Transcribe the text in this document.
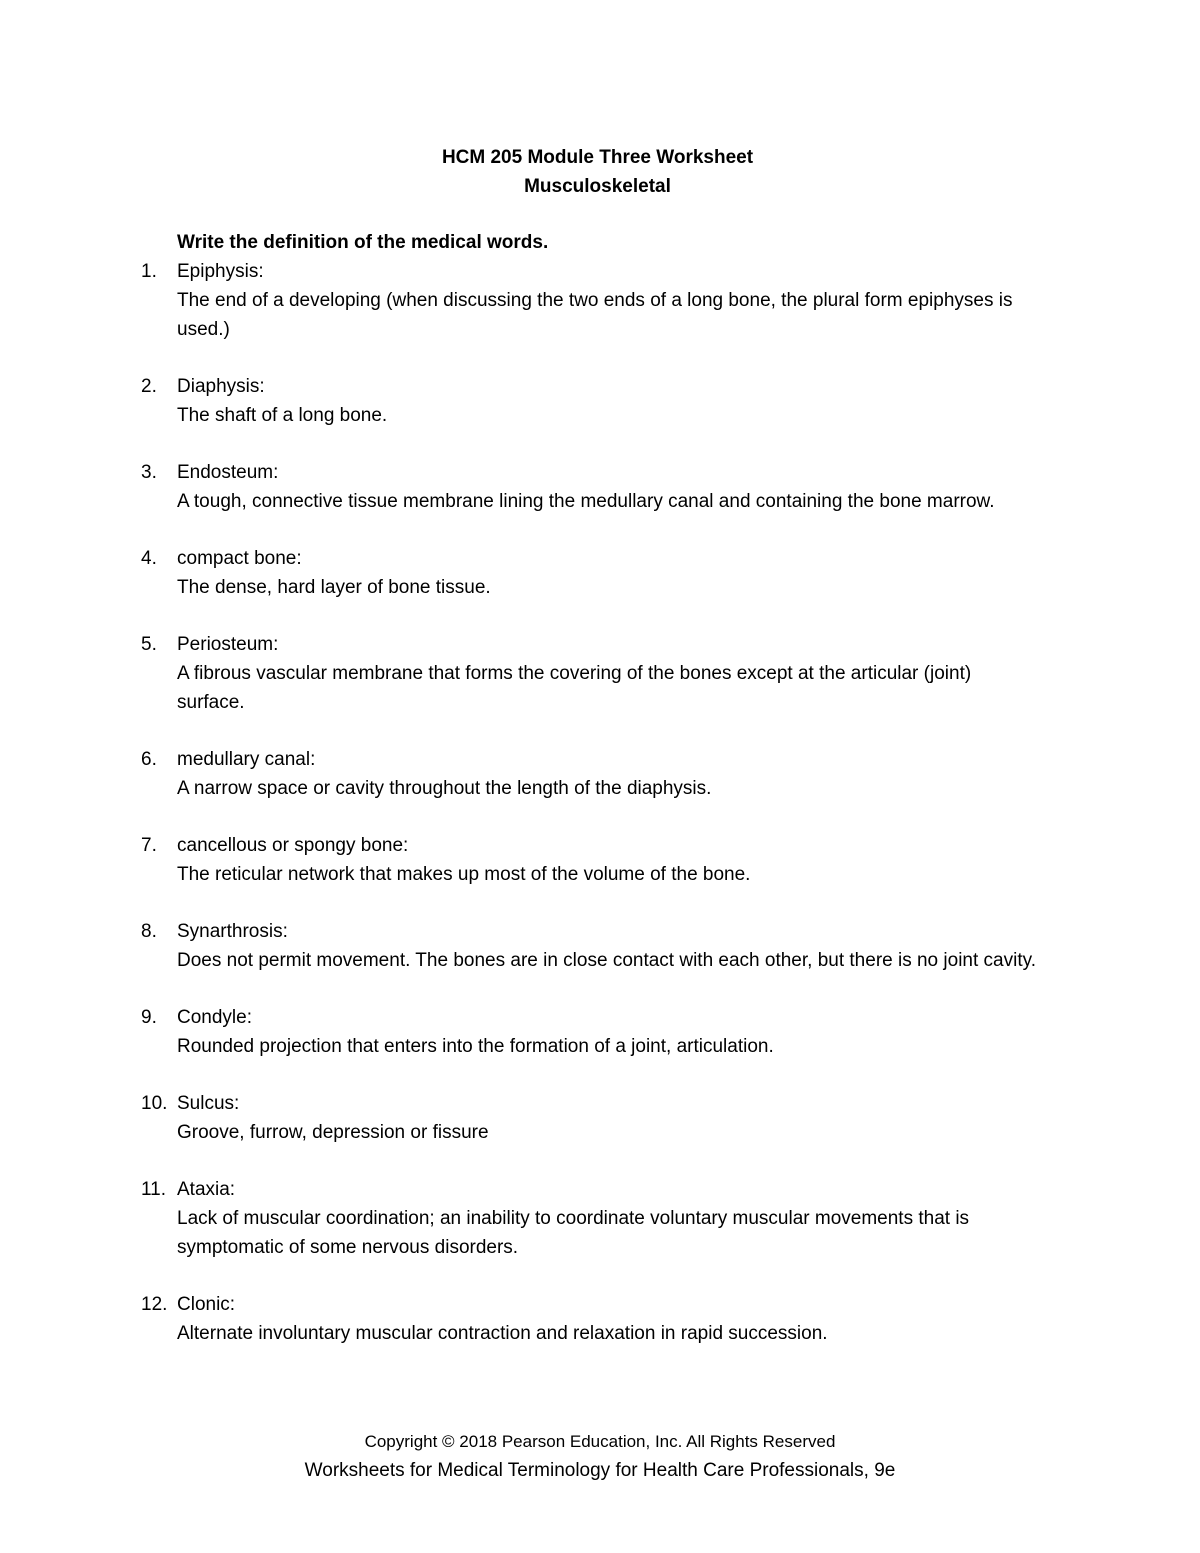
HCM 205 Module Three Worksheet
Musculoskeletal
Write the definition of the medical words.
1. Epiphysis:
The end of a developing (when discussing the two ends of a long bone, the plural form epiphyses is used.)
2. Diaphysis:
The shaft of a long bone.
3. Endosteum:
A tough, connective tissue membrane lining the medullary canal and containing the bone marrow.
4. compact bone:
The dense, hard layer of bone tissue.
5. Periosteum:
A fibrous vascular membrane that forms the covering of the bones except at the articular (joint) surface.
6. medullary canal:
A narrow space or cavity throughout the length of the diaphysis.
7. cancellous or spongy bone:
The reticular network that makes up most of the volume of the bone.
8. Synarthrosis:
Does not permit movement. The bones are in close contact with each other, but there is no joint cavity.
9. Condyle:
Rounded projection that enters into the formation of a joint, articulation.
10. Sulcus:
Groove, furrow, depression or fissure
11. Ataxia:
Lack of muscular coordination; an inability to coordinate voluntary muscular movements that is symptomatic of some nervous disorders.
12. Clonic:
Alternate involuntary muscular contraction and relaxation in rapid succession.
Copyright © 2018 Pearson Education, Inc. All Rights Reserved
Worksheets for Medical Terminology for Health Care Professionals, 9e
